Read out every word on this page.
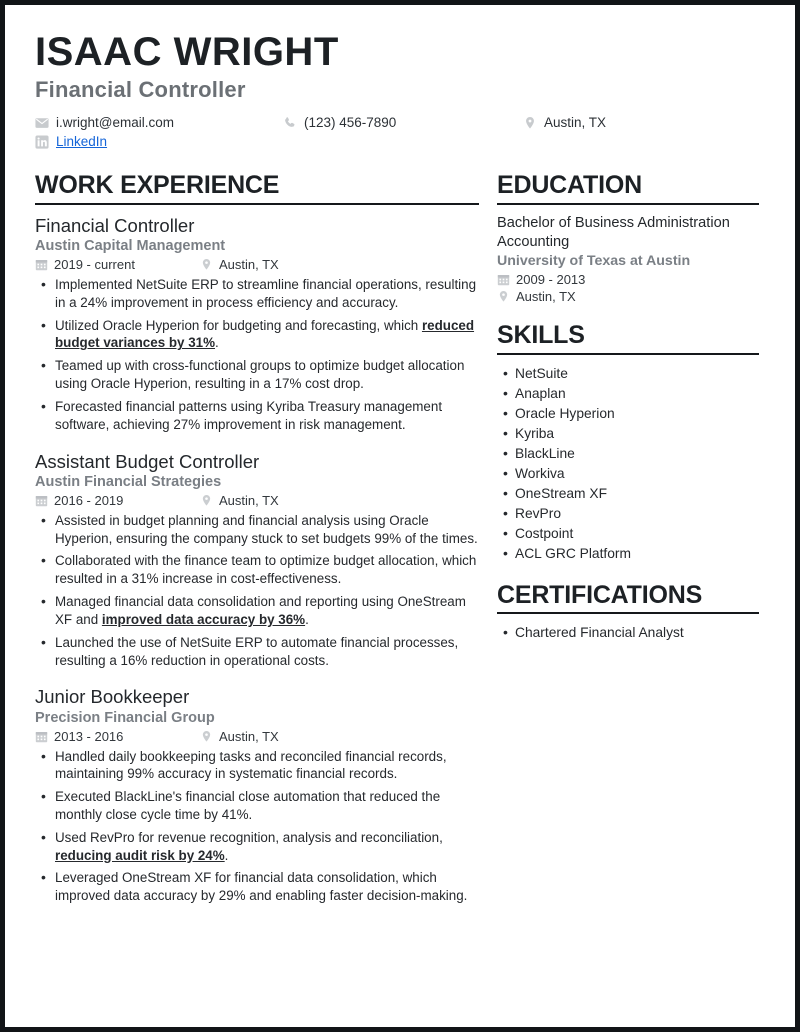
ISAAC WRIGHT
Financial Controller
i.wright@email.com	(123) 456-7890	Austin, TX
LinkedIn
WORK EXPERIENCE
Financial Controller
Austin Capital Management
2019 - current	Austin, TX
• Implemented NetSuite ERP to streamline financial operations, resulting in a 24% improvement in process efficiency and accuracy.
• Utilized Oracle Hyperion for budgeting and forecasting, which reduced budget variances by 31%.
• Teamed up with cross-functional groups to optimize budget allocation using Oracle Hyperion, resulting in a 17% cost drop.
• Forecasted financial patterns using Kyriba Treasury management software, achieving 27% improvement in risk management.
Assistant Budget Controller
Austin Financial Strategies
2016 - 2019	Austin, TX
• Assisted in budget planning and financial analysis using Oracle Hyperion, ensuring the company stuck to set budgets 99% of the times.
• Collaborated with the finance team to optimize budget allocation, which resulted in a 31% increase in cost-effectiveness.
• Managed financial data consolidation and reporting using OneStream XF and improved data accuracy by 36%.
• Launched the use of NetSuite ERP to automate financial processes, resulting a 16% reduction in operational costs.
Junior Bookkeeper
Precision Financial Group
2013 - 2016	Austin, TX
• Handled daily bookkeeping tasks and reconciled financial records, maintaining 99% accuracy in systematic financial records.
• Executed BlackLine's financial close automation that reduced the monthly close cycle time by 41%.
• Used RevPro for revenue recognition, analysis and reconciliation, reducing audit risk by 24%.
• Leveraged OneStream XF for financial data consolidation, which improved data accuracy by 29% and enabling faster decision-making.
EDUCATION
Bachelor of Business Administration Accounting
University of Texas at Austin
2009 - 2013
Austin, TX
SKILLS
• NetSuite
• Anaplan
• Oracle Hyperion
• Kyriba
• BlackLine
• Workiva
• OneStream XF
• RevPro
• Costpoint
• ACL GRC Platform
CERTIFICATIONS
• Chartered Financial Analyst
